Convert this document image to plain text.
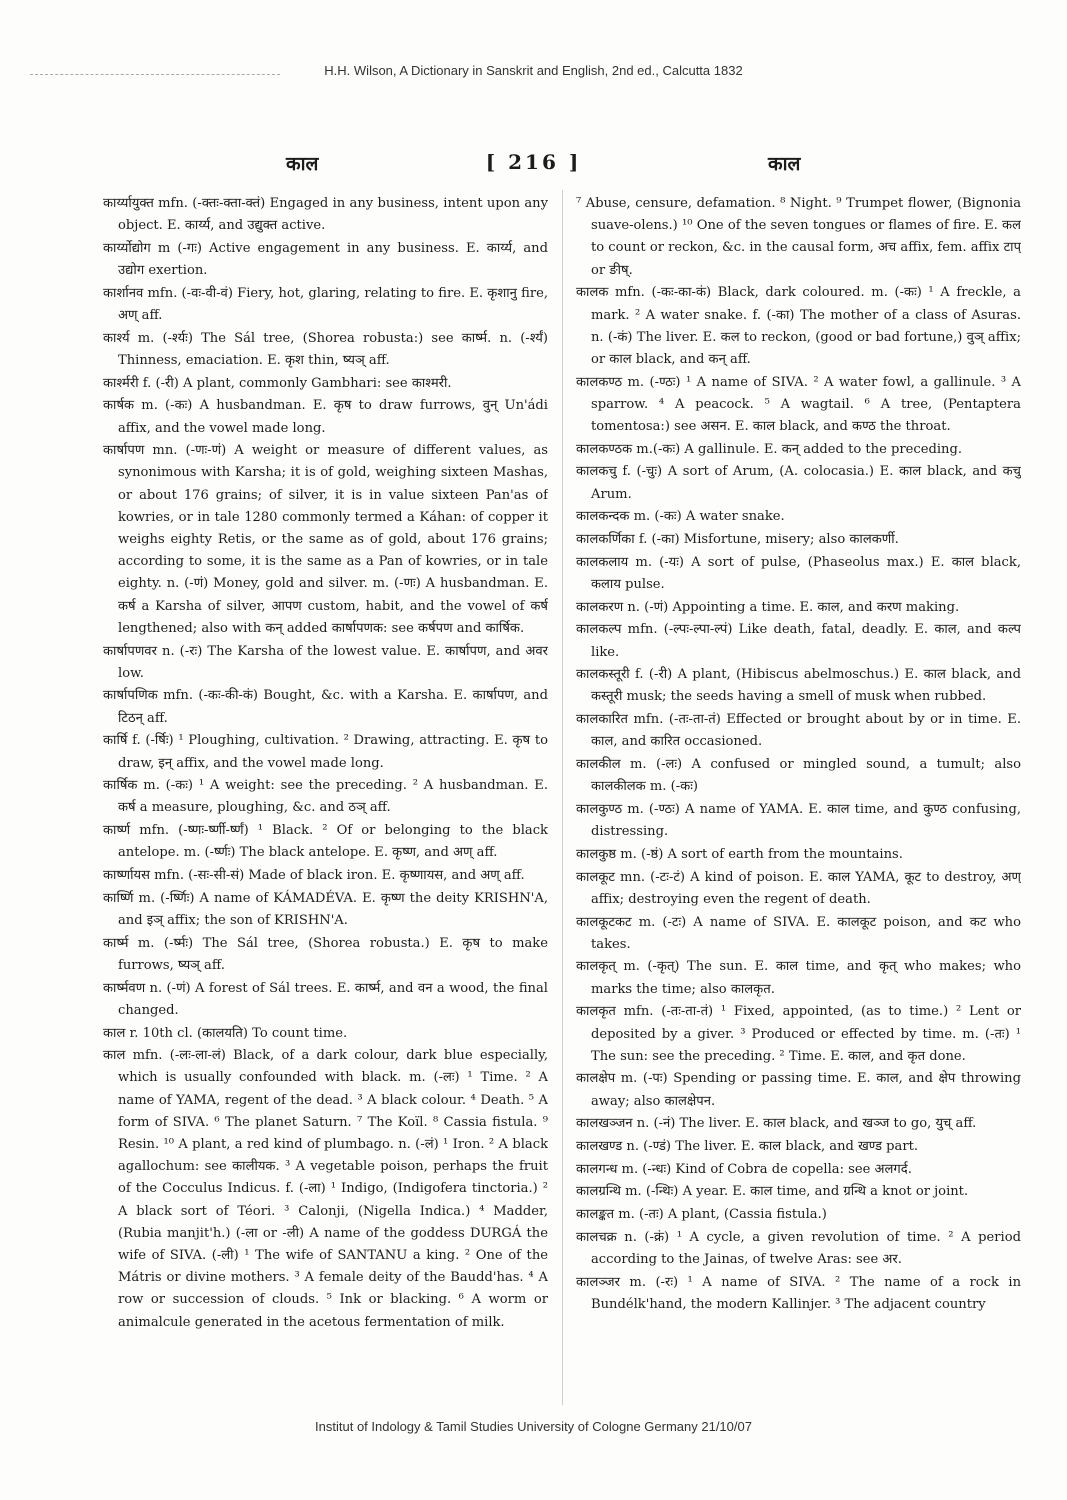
H.H. Wilson, A Dictionary in Sanskrit and English, 2nd ed., Calcutta 1832
काल	[ 216 ]	काल

कार्य्यायुक्त mfn. (-क्तः-क्ता-क्तं) Engaged in any business, intent upon any object. E. कार्य्य, and उद्युक्त active.

कार्य्योद्योग m (-गः) Active engagement in any business. E. कार्य्य, and उद्योग exertion.

कार्शानव mfn. (-वः-वी-वं) Fiery, hot, glaring, relating to fire. E. कृशानु fire, अण् aff.

कार्श्य m. (-र्श्यः) The Sál tree, (Shorea robusta:) see कार्ष्म. n. (-र्श्यं) Thinness, emaciation. E. कृश thin, ष्यञ् aff.

कार्श्मरी f. (-री) A plant, commonly Gambhari: see काश्मरी.

कार्षक m. (-कः) A husbandman. E. कृष to draw furrows, वुन् Un'ádi affix, and the vowel made long.

कार्षापण mn. (-णः-णं) A weight or measure of different values, as synonimous with Karsha; it is of gold, weighing sixteen Mashas, or about 176 grains; of silver, it is in value sixteen Pan'as of kowries, or in tale 1280 commonly termed a Káhan: of copper it weighs eighty Retis, or the same as of gold, about 176 grains; according to some, it is the same as a Pan of kowries, or in tale eighty. n. (-णं) Money, gold and silver. m. (-णः) A husbandman. E. कर्ष a Karsha of silver, आपण custom, habit, and the vowel of कर्ष lengthened; also with कन् added कार्षापणक: see कर्षपण and कार्षिक.

कार्षापणवर n. (-रः) The Karsha of the lowest value. E. कार्षापण, and अवर low.

कार्षापणिक mfn. (-कः-की-कं) Bought, &c. with a Karsha. E. कार्षापण, and टिठन् aff.

कार्षि f. (-र्षिः) ¹ Ploughing, cultivation. ² Drawing, attracting. E. कृष to draw, इन् affix, and the vowel made long.

कार्षिक m. (-कः) ¹ A weight: see the preceding. ² A husbandman. E. कर्ष a measure, ploughing, &c. and ठञ् aff.

कार्ष्ण mfn. (-ष्णः-र्ष्णी-र्ष्णं) ¹ Black. ² Of or belonging to the black antelope. m. (-र्ष्णः) The black antelope. E. कृष्ण, and अण् aff.

कार्ष्णायस mfn. (-सः-सी-सं) Made of black iron. E. कृष्णायस, and अण् aff.

कार्ष्णि m. (-र्ष्णिः) A name of KÁMADÉVA. E. कृष्ण the deity KRISHN'A, and इञ् affix; the son of KRISHN'A.

कार्ष्म m. (-र्ष्मः) The Sál tree, (Shorea robusta.) E. कृष to make furrows, ष्यञ् aff.

कार्ष्मवण n. (-णं) A forest of Sál trees. E. कार्ष्म, and वन a wood, the final changed.

काल r. 10th cl. (कालयति) To count time.

काल mfn. (-लः-ला-लं) Black, of a dark colour, dark blue especially, which is usually confounded with black. m. (-लः) ¹ Time. ² A name of YAMA, regent of the dead. ³ A black colour. ⁴ Death. ⁵ A form of SIVA. ⁶ The planet Saturn. ⁷ The Koïl. ⁸ Cassia fistula. ⁹ Resin. ¹⁰ A plant, a red kind of plumbago. n. (-लं) ¹ Iron. ² A black agallochum: see कालीयक. ³ A vegetable poison, perhaps the fruit of the Cocculus Indicus. f. (-ला) ¹ Indigo, (Indigofera tinctoria.) ² A black sort of Téori. ³ Calonji, (Nigella Indica.) ⁴ Madder, (Rubia manjit'h.) (-ला or -ली) A name of the goddess DURGÁ the wife of SIVA. (-ली) ¹ The wife of SANTANU a king. ² One of the Mátris or divine mothers. ³ A female deity of the Baudd'has. ⁴ A row or succession of clouds. ⁵ Ink or blacking. ⁶ A worm or animalcule generated in the acetous fermentation of milk.

⁷ Abuse, censure, defamation. ⁸ Night. ⁹ Trumpet flower, (Bignonia suave-olens.) ¹⁰ One of the seven tongues or flames of fire. E. कल to count or reckon, &c. in the causal form, अच affix, fem. affix टाप् or ङीष्.

कालक mfn. (-कः-का-कं) Black, dark coloured. m. (-कः) ¹ A freckle, a mark. ² A water snake. f. (-का) The mother of a class of Asuras. n. (-कं) The liver. E. कल to reckon, (good or bad fortune,) वुञ् affix; or काल black, and कन् aff.

कालकण्ठ m. (-ण्ठः) ¹ A name of SIVA. ² A water fowl, a gallinule. ³ A sparrow. ⁴ A peacock. ⁵ A wagtail. ⁶ A tree, (Pentaptera tomentosa:) see असन. E. काल black, and कण्ठ the throat.

कालकण्ठक m.(-कः) A gallinule. E. कन् added to the preceding.

कालकचु f. (-चुः) A sort of Arum, (A. colocasia.) E. काल black, and कचु Arum.

कालकन्दक m. (-कः) A water snake.

कालकर्णिका f. (-का) Misfortune, misery; also कालकर्णी.

कालकलाय m. (-यः) A sort of pulse, (Phaseolus max.) E. काल black, कलाय pulse.

कालकरण n. (-णं) Appointing a time. E. काल, and करण making.

कालकल्प mfn. (-ल्पः-ल्पा-ल्पं) Like death, fatal, deadly. E. काल, and कल्प like.

कालकस्तूरी f. (-री) A plant, (Hibiscus abelmoschus.) E. काल black, and कस्तूरी musk; the seeds having a smell of musk when rubbed.

कालकारित mfn. (-तः-ता-तं) Effected or brought about by or in time. E. काल, and कारित occasioned.

कालकील m. (-लः) A confused or mingled sound, a tumult; also कालकीलक m. (-कः)

कालकुण्ठ m. (-ण्ठः) A name of YAMA. E. काल time, and कुण्ठ confusing, distressing.

कालकुष्ठ m. (-ष्ठं) A sort of earth from the mountains.

कालकूट mn. (-टः-टं) A kind of poison. E. काल YAMA, कूट to destroy, अण् affix; destroying even the regent of death.

कालकूटकट m. (-टः) A name of SIVA. E. कालकूट poison, and कट who takes.

कालकृत् m. (-कृत्) The sun. E. काल time, and कृत् who makes; who marks the time; also कालकृत.

कालकृत mfn. (-तः-ता-तं) ¹ Fixed, appointed, (as to time.) ² Lent or deposited by a giver. ³ Produced or effected by time. m. (-तः) ¹ The sun: see the preceding. ² Time. E. काल, and कृत done.

कालक्षेप m. (-पः) Spending or passing time. E. काल, and क्षेप throwing away; also कालक्षेपन.

कालखञ्जन n. (-नं) The liver. E. काल black, and खञ्ज to go, युच् aff.

कालखण्ड n. (-ण्डं) The liver. E. काल black, and खण्ड part.

कालगन्ध m. (-न्धः) Kind of Cobra de copella: see अलगर्द.

कालग्रन्थि m. (-न्थिः) A year. E. काल time, and ग्रन्थि a knot or joint.

कालङ्कत m. (-तः) A plant, (Cassia fistula.)

कालचक्र n. (-क्रं) ¹ A cycle, a given revolution of time. ² A period according to the Jainas, of twelve Aras: see अर.

कालञ्जर m. (-रः) ¹ A name of SIVA. ² The name of a rock in Bundélk'hand, the modern Kallinjer. ³ The adjacent country

Institut of Indology & Tamil Studies University of Cologne Germany 21/10/07
